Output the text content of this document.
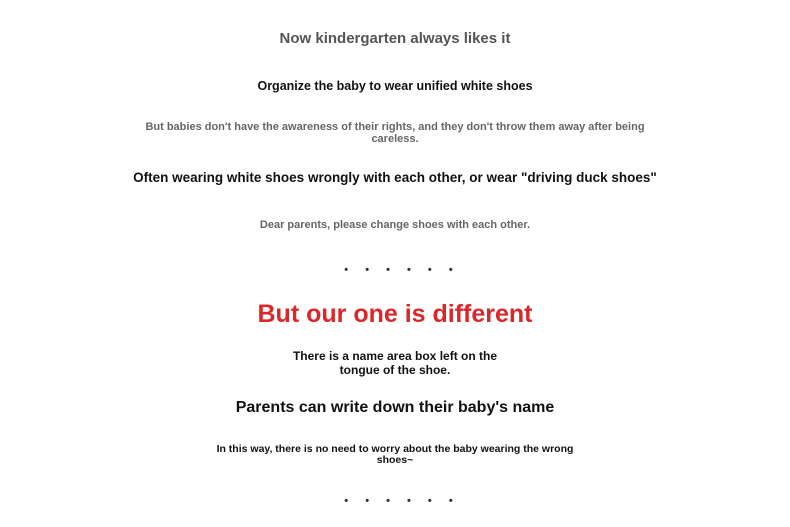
Now kindergarten always likes it

Organize the baby to wear unified white shoes

But babies don't have the awareness of their rights, and they don't throw them away after being careless.

Often wearing white shoes wrongly with each other, or wear "driving duck shoes"

Dear parents, please change shoes with each other.

• • • • • •

But our one is different

There is a name area box left on the tongue of the shoe.

Parents can write down their baby's name

In this way, there is no need to worry about the baby wearing the wrong shoes~

• • • • • •
